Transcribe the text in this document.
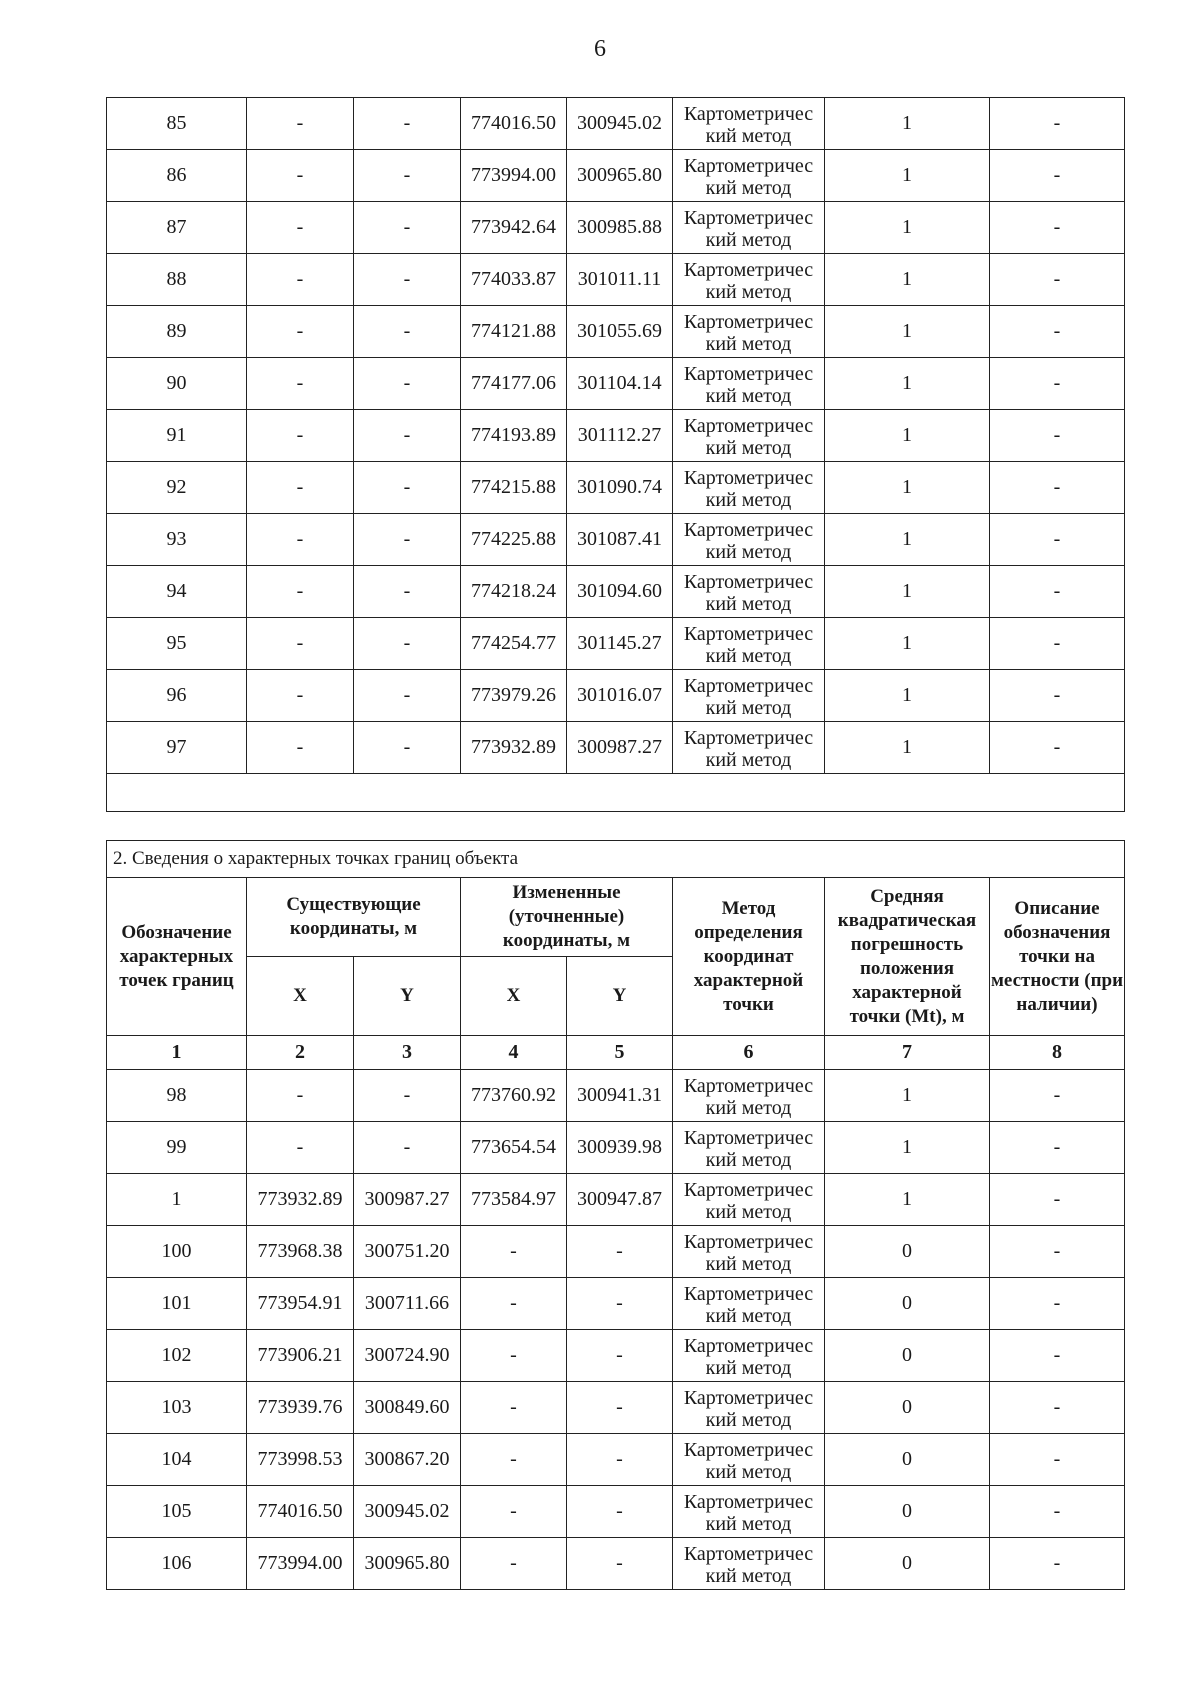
6
85	-	-	774016.50	300945.02	Картометричес кий метод	1	-
86	-	-	773994.00	300965.80	Картометричес кий метод	1	-
87	-	-	773942.64	300985.88	Картометричес кий метод	1	-
88	-	-	774033.87	301011.11	Картометричес кий метод	1	-
89	-	-	774121.88	301055.69	Картометричес кий метод	1	-
90	-	-	774177.06	301104.14	Картометричес кий метод	1	-
91	-	-	774193.89	301112.27	Картометричес кий метод	1	-
92	-	-	774215.88	301090.74	Картометричес кий метод	1	-
93	-	-	774225.88	301087.41	Картометричес кий метод	1	-
94	-	-	774218.24	301094.60	Картометричес кий метод	1	-
95	-	-	774254.77	301145.27	Картометричес кий метод	1	-
96	-	-	773979.26	301016.07	Картометричес кий метод	1	-
97	-	-	773932.89	300987.27	Картометричес кий метод	1	-

2. Сведения о характерных точках границ объекта							
Обозначение характерных точек границ	Существующие координаты, м		Измененные (уточненные) координаты, м		Метод определения координат характерной точки	Средняя квадратическая погрешность положения характерной точки (Mt), м	Описание обозначения точки на местности (при наличии)
	X	Y	X	Y			
1	2	3	4	5	6	7	8
98	-	-	773760.92	300941.31	Картометричес кий метод	1	-
99	-	-	773654.54	300939.98	Картометричес кий метод	1	-
1	773932.89	300987.27	773584.97	300947.87	Картометричес кий метод	1	-
100	773968.38	300751.20	-	-	Картометричес кий метод	0	-
101	773954.91	300711.66	-	-	Картометричес кий метод	0	-
102	773906.21	300724.90	-	-	Картометричес кий метод	0	-
103	773939.76	300849.60	-	-	Картометричес кий метод	0	-
104	773998.53	300867.20	-	-	Картометричес кий метод	0	-
105	774016.50	300945.02	-	-	Картометричес кий метод	0	-
106	773994.00	300965.80	-	-	Картометричес кий метод	0	-
